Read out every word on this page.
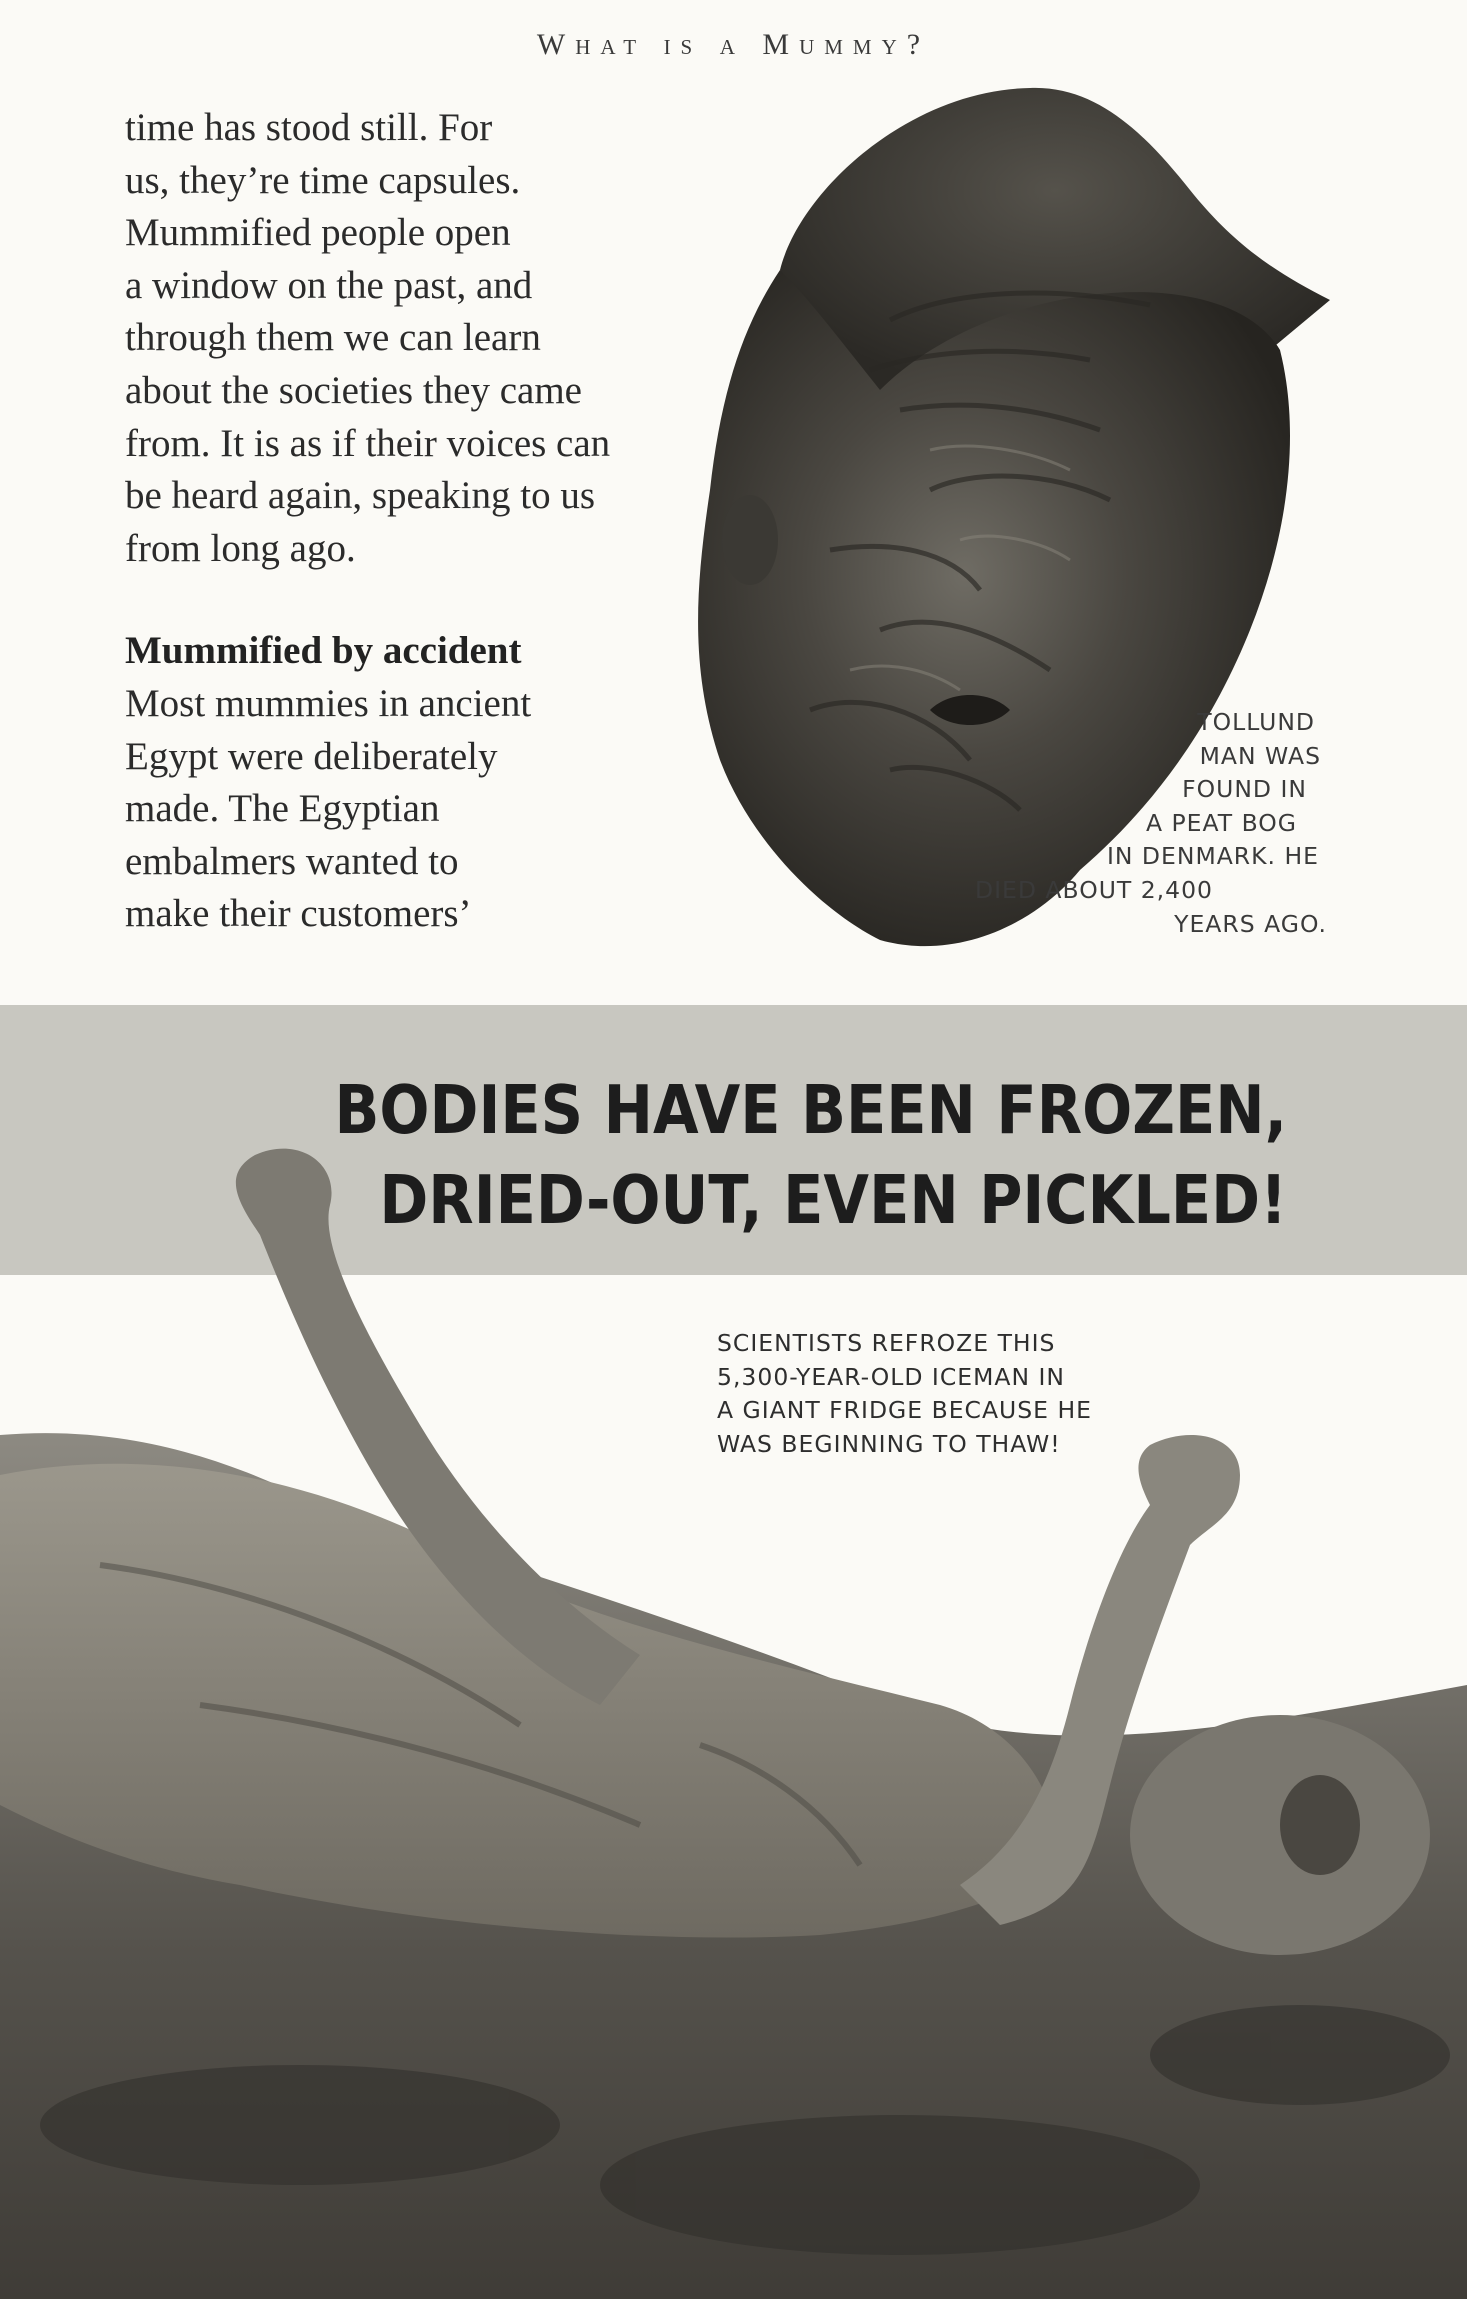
What is a Mummy?
time has stood still. For
us, they’re time capsules.
Mummified people open
a window on the past, and
through them we can learn
about the societies they came
from. It is as if their voices can
be heard again, speaking to us
from long ago.
Mummified by accident
Most mummies in ancient
Egypt were deliberately
made. The Egyptian
embalmers wanted to
make their customers’
TOLLUND
MAN WAS
FOUND IN
A PEAT BOG
IN DENMARK. HE
DIED ABOUT 2,400
YEARS AGO.
BODIES HAVE BEEN FROZEN,
DRIED-OUT, EVEN PICKLED!
SCIENTISTS REFROZE THIS
5,300-YEAR-OLD ICEMAN IN
A GIANT FRIDGE BECAUSE HE
WAS BEGINNING TO THAW!
